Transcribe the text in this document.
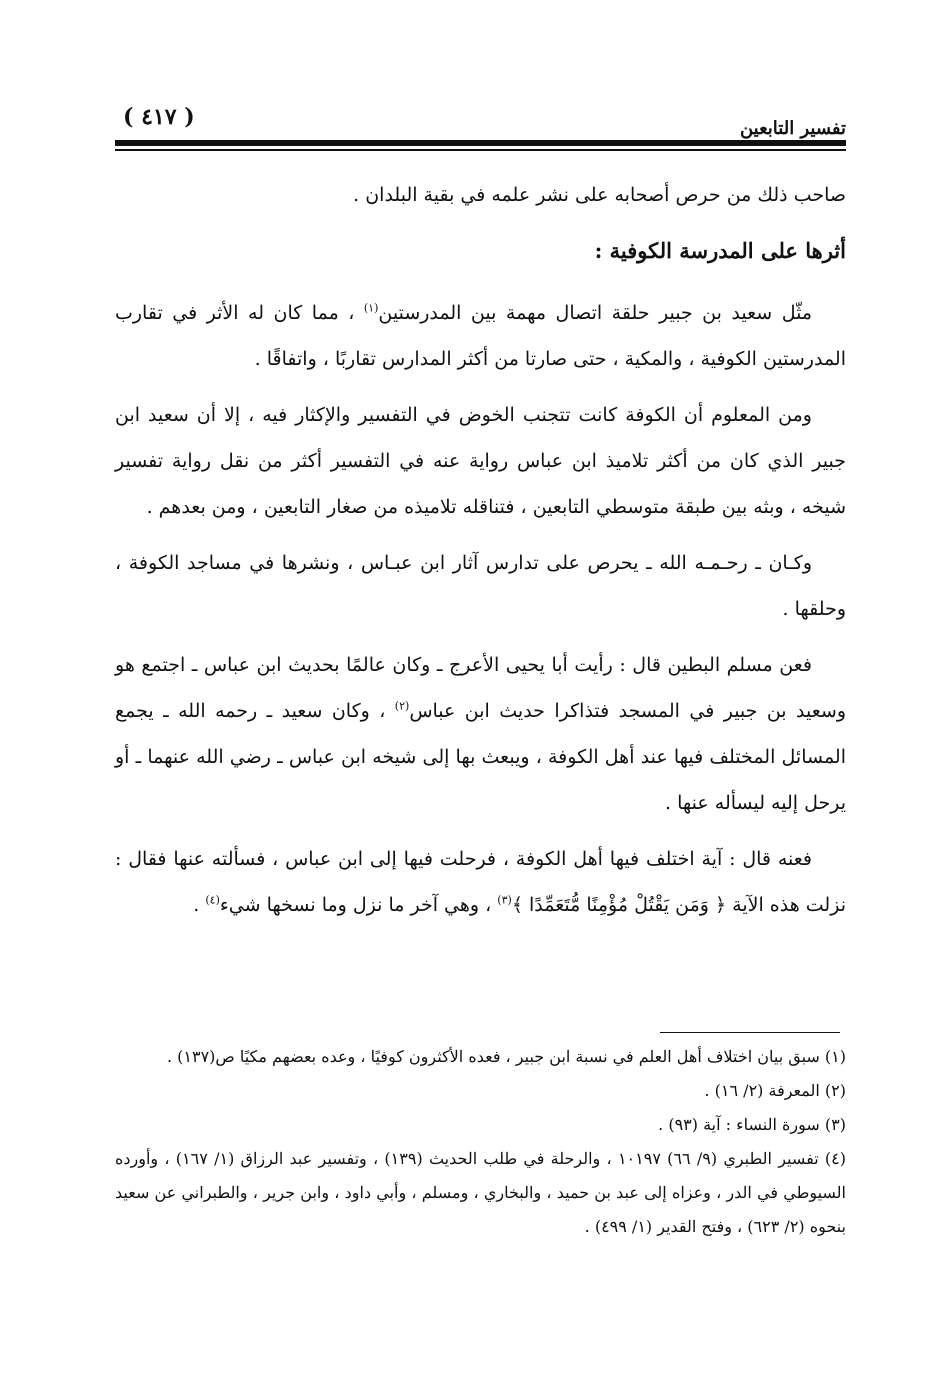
( ٤١٧ )	تفسير التابعين

صاحب ذلك من حرص أصحابه على نشر علمه في بقية البلدان .

أثرها على المدرسة الكوفية :

مثّل سعيد بن جبير حلقة اتصال مهمة بين المدرستين$^{(١)}$ ، مما كان له الأثر في تقارب المدرستين الكوفية ، والمكية ، حتى صارتا من أكثر المدارس تقاربًا ، واتفاقًا .

ومن المعلوم أن الكوفة كانت تتجنب الخوض في التفسير والإكثار فيه ، إلا أن سعيد ابن جبير الذي كان من أكثر تلاميذ ابن عباس رواية عنه في التفسير أكثر من نقل رواية تفسير شيخه ، وبثه بين طبقة متوسطي التابعين ، فتناقله تلاميذه من صغار التابعين ، ومن بعدهم .

وكـان ـ رحـمـه الله ـ يحرص على تدارس آثار ابن عبـاس ، ونشرها في مساجد الكوفة ، وحلقها .

فعن مسلم البطين قال : رأيت أبا يحيى الأعرج ـ وكان عالمًا بحديث ابن عباس ـ اجتمع هو وسعيد بن جبير في المسجد فتذاكرا حديث ابن عباس$^{(٢)}$ ، وكان سعيد ـ رحمه الله ـ يجمع المسائل المختلف فيها عند أهل الكوفة ، ويبعث بها إلى شيخه ابن عباس ـ رضي الله عنهما ـ أو يرحل إليه ليسأله عنها .

فعنه قال : آية اختلف فيها أهل الكوفة ، فرحلت فيها إلى ابن عباس ، فسألته عنها فقال : نزلت هذه الآية ﴿ وَمَن يَقْتُلْ مُؤْمِنًا مُّتَعَمِّدًا ﴾$^{(٣)}$ ، وهي آخر ما نزل وما نسخها شيء$^{(٤)}$ .

(١) سبق بيان اختلاف أهل العلم في نسبة ابن جبير ، فعده الأكثرون كوفيًا ، وعده بعضهم مكيًا ص(١٣٧) .

(٢) المعرفة (٢/ ١٦) .

(٣) سورة النساء : آية (٩٣) .

(٤) تفسير الطبري (٩/ ٦٦) ١٠١٩٧ ، والرحلة في طلب الحديث (١٣٩) ، وتفسير عبد الرزاق (١/ ١٦٧) ، وأورده السيوطي في الدر ، وعزاه إلى عبد بن حميد ، والبخاري ، ومسلم ، وأبي داود ، وابن جرير ، والطبراني عن سعيد بنحوه (٢/ ٦٢٣) ، وفتح القدير (١/ ٤٩٩) .
